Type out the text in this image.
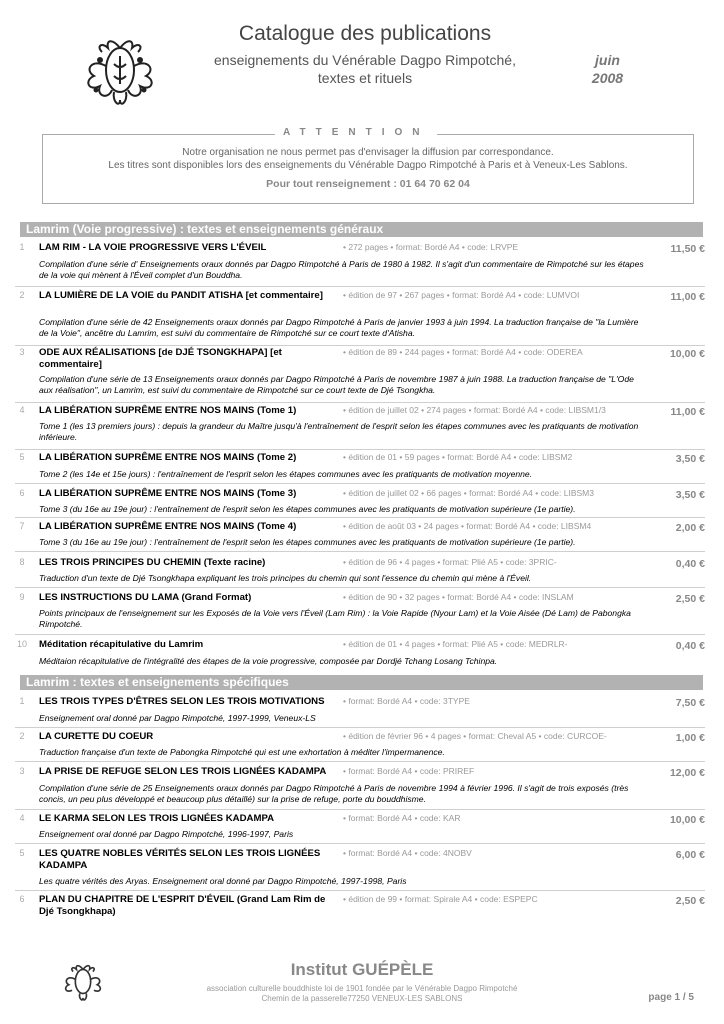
Catalogue des publications
enseignements du Vénérable Dagpo Rimpotché,
textes et rituels
juin
2008
ATTENTION
Notre organisation ne nous permet pas d'envisager la diffusion par correspondance.
Les titres sont disponibles lors des enseignements du Vénérable Dagpo Rimpotché à Paris et à Veneux-Les Sablons.
Pour tout renseignement : 01 64 70 62 04
Lamrim (Voie progressive) : textes et enseignements généraux
1	LAM RIM - LA VOIE PROGRESSIVE VERS L'ÉVEIL	• 272 pages • format: Bordé A4 • code: LRVPE	11,50 €
Compilation d'une série d' Enseignements oraux donnés par Dagpo Rimpotché à Paris de 1980 à 1982. Il s'agit d'un commentaire de Rimpotché sur les étapes de la voie qui mènent à l'Éveil complet d'un Bouddha.
2	LA LUMIÈRE DE LA VOIE du PANDIT ATISHA [et commentaire]	• édition de 97 • 267 pages • format: Bordé A4 • code: LUMVOI	11,00 €
Compilation d'une série de 42 Enseignements oraux donnés par Dagpo Rimpotché à Paris de janvier 1993 à juin 1994. La traduction française de "la Lumière de la Voie", ancêtre du Lamrim, est suivi du commentaire de Rimpotché sur ce court texte d'Atisha.
3	ODE AUX RÉALISATIONS [de DJÉ TSONGKHAPA] [et commentaire]
• édition de 89 • 244 pages • format: Bordé A4 • code: ODEREA	10,00 €
Compilation d'une série de 13 Enseignements oraux donnés par Dagpo Rimpotché à Paris de novembre 1987 à juin 1988. La traduction française de "L'Ode aux réalisation", un Lamrim, est suivi du commentaire de Rimpotché sur ce court texte de Djé Tsongkha.
4	LA LIBÉRATION SUPRÊME ENTRE NOS MAINS (Tome 1)	• édition de juillet 02 • 274 pages • format: Bordé A4 • code: LIBSM1/3	11,00 €
Tome 1 (les 13 premiers jours) : depuis la grandeur du Maître jusqu'à l'entraînement de l'esprit selon les étapes communes avec les pratiquants de motivation inférieure.
5	LA LIBÉRATION SUPRÊME ENTRE NOS MAINS (Tome 2)	• édition de 01 • 59 pages • format: Bordé A4 • code: LIBSM2	3,50 €
Tome 2 (les 14e et 15e jours) : l'entraînement de l'esprit selon les étapes communes avec les pratiquants de motivation moyenne.
6	LA LIBÉRATION SUPRÊME ENTRE NOS MAINS (Tome 3)	• édition de juillet 02 • 66 pages • format: Bordé A4 • code: LIBSM3	3,50 €
Tome 3 (du 16e au 19e jour) : l'entraînement de l'esprit selon les étapes communes avec les pratiquants de motivation supérieure (1e partie).
7	LA LIBÉRATION SUPRÊME ENTRE NOS MAINS (Tome 4)	• édition de août 03 • 24 pages • format: Bordé A4 • code: LIBSM4	2,00 €
Tome 3 (du 16e au 19e jour) : l'entraînement de l'esprit selon les étapes communes avec les pratiquants de motivation supérieure (1e partie).
8	LES TROIS PRINCIPES DU CHEMIN (Texte racine)	• édition de 96 • 4 pages • format: Plié A5 • code: 3PRIC-	0,40 €
Traduction d'un texte de Djé Tsongkhapa expliquant les trois principes du chemin qui sont l'essence du chemin qui mène à l'Éveil.
9	LES INSTRUCTIONS DU LAMA (Grand Format)	• édition de 90 • 32 pages • format: Bordé A4 • code: INSLAM	2,50 €
Points principaux de l'enseignement sur les Exposés de la Voie vers l'Éveil (Lam Rim) : la Voie Rapide (Nyour Lam) et la Voie Aisée (Dé Lam) de Pabongka Rimpotché.
10 Méditation récapitulative du Lamrim	• édition de 01 • 4 pages • format: Plié A5 • code: MEDRLR-	0,40 €
Méditaion récapitulative de l'intégralité des étapes de la voie progressive, composée par Dordjé Tchang Losang Tchinpa.
Lamrim : textes et enseignements spécifiques
1	LES TROIS TYPES D'ÊTRES SELON LES TROIS MOTIVATIONS	• format: Bordé A4 • code: 3TYPE	7,50 €
Enseignement oral donné par Dagpo Rimpotché, 1997-1999, Veneux-LS
2	LA CURETTE DU COEUR	• édition de février 96 • 4 pages • format: Cheval A5 • code: CURCOE-	1,00 €
Traduction française d'un texte de Pabongka Rimpotché qui est une exhortation à méditer l'impermanence.
3	LA PRISE DE REFUGE SELON LES TROIS LIGNÉES KADAMPA	• format: Bordé A4 • code: PRIREF	12,00 €
Compilation d'une série de 25 Enseignements oraux donnés par Dagpo Rimpotché à Paris de novembre 1994 à février 1996. Il s'agit de trois exposés (très concis, un peu plus développé et beaucoup plus détaillé) sur la prise de refuge, porte du bouddhisme.
4	LE KARMA SELON LES TROIS LIGNÉES KADAMPA	• format: Bordé A4 • code: KAR	10,00 €
Enseignement oral donné par Dagpo Rimpotché, 1996-1997, Paris
5	LES QUATRE NOBLES VÉRITÉS SELON LES TROIS LIGNÉES KADAMPA
• format: Bordé A4 • code: 4NOBV	6,00 €
Les quatre vérités des Aryas. Enseignement oral donné par Dagpo Rimpotché, 1997-1998, Paris
6	PLAN DU CHAPITRE DE L'ESPRIT D'ÉVEIL (Grand Lam Rim de Djé Tsongkhapa)
• édition de 99 • format: Spirale A4 • code: ESPEPC	2,50 €
Institut GUÉPÈLE
association culturelle bouddhiste loi de 1901 fondée par le Vénérable Dagpo Rimpotché
Chemin de la passerelle77250 VENEUX-LES SABLONS	page 1 / 5
